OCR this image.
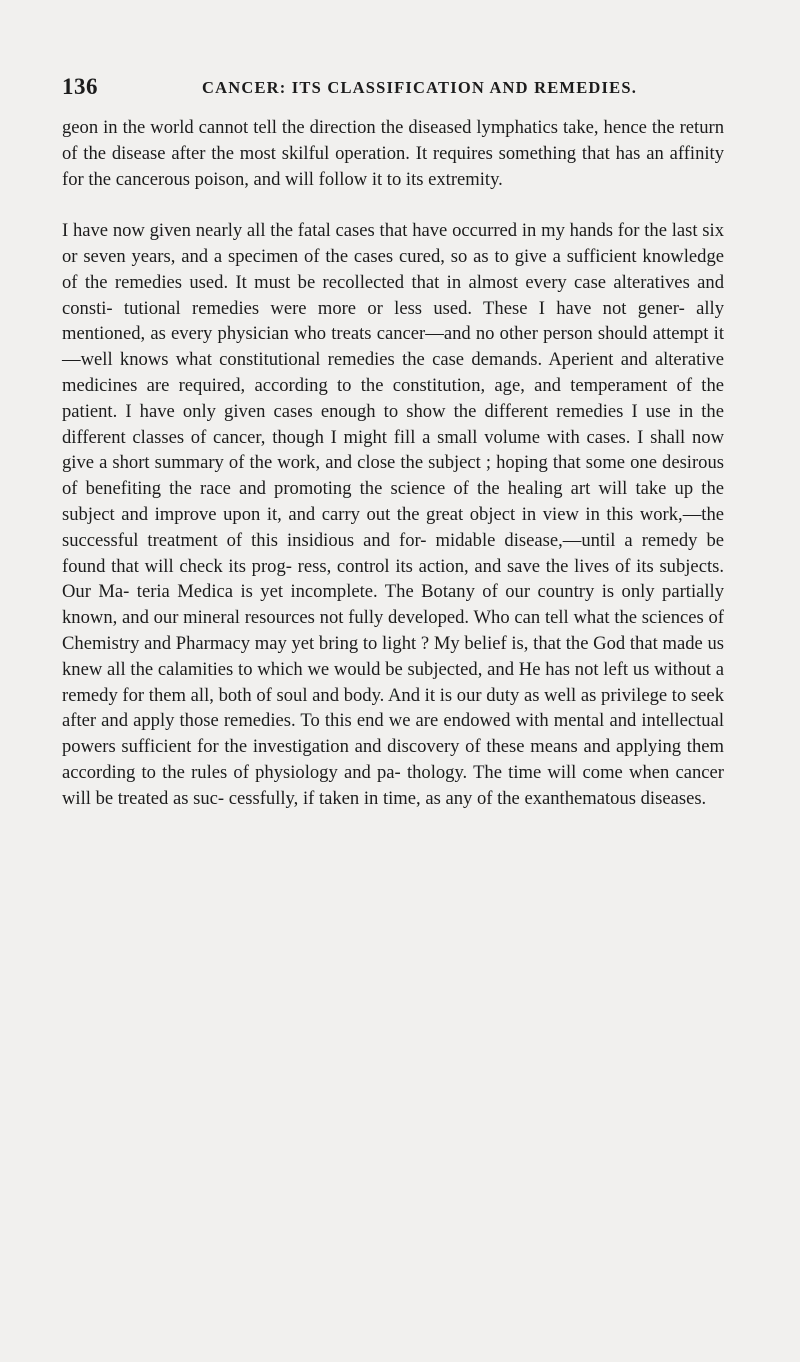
136	CANCER: ITS CLASSIFICATION AND REMEDIES.

geon in the world cannot tell the direction the diseased lymphatics take, hence the return of the disease after the most skilful operation. It requires something that has an affinity for the cancerous poison, and will follow it to its extremity.

I have now given nearly all the fatal cases that have occurred in my hands for the last six or seven years, and a specimen of the cases cured, so as to give a sufficient knowledge of the remedies used. It must be recollected that in almost every case alteratives and consti- tutional remedies were more or less used. These I have not gener- ally mentioned, as every physician who treats cancer—and no other person should attempt it—well knows what constitutional remedies the case demands. Aperient and alterative medicines are required, according to the constitution, age, and temperament of the patient. I have only given cases enough to show the different remedies I use in the different classes of cancer, though I might fill a small volume with cases. I shall now give a short summary of the work, and close the subject ; hoping that some one desirous of benefiting the race and promoting the science of the healing art will take up the subject and improve upon it, and carry out the great object in view in this work,—the successful treatment of this insidious and for- midable disease,—until a remedy be found that will check its prog- ress, control its action, and save the lives of its subjects. Our Ma- teria Medica is yet incomplete. The Botany of our country is only partially known, and our mineral resources not fully developed. Who can tell what the sciences of Chemistry and Pharmacy may yet bring to light ? My belief is, that the God that made us knew all the calamities to which we would be subjected, and He has not left us without a remedy for them all, both of soul and body. And it is our duty as well as privilege to seek after and apply those remedies. To this end we are endowed with mental and intellectual powers sufficient for the investigation and discovery of these means and applying them according to the rules of physiology and pa- thology. The time will come when cancer will be treated as suc- cessfully, if taken in time, as any of the exanthematous diseases.
